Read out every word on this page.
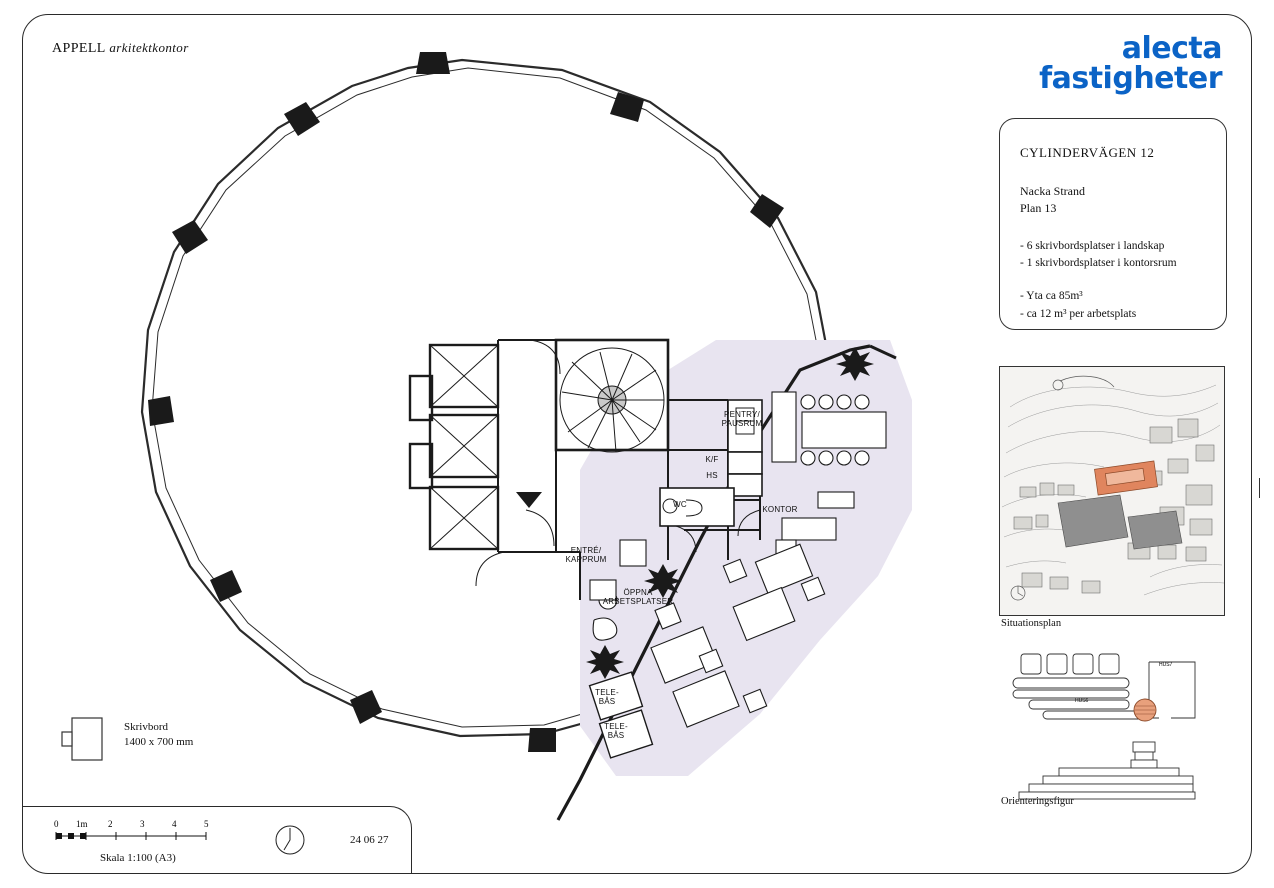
APPELL arkitektkontor	alecta
fastigheter
CYLINDERVÄGEN 12
Nacka Strand
Plan 13
- 6 skrivbordsplatser i landskap
- 1 skrivbordsplatser i kontorsrum
- Yta ca 85m³
- ca 12 m³ per arbetsplats
Situationsplan
HUS7
HUS6
Orienteringsfigur
Skrivbord
1400 x 700 mm
0 1m 2	3	4	5
Skala 1:100 (A3)
24 06 27
PENTRY/
PAUSRUM
K/F
HS
WC
KONTOR
ENTRÉ/
KAPPRUM
ÖPPNA
ARBETSPLATSER
TELE-
BÅS
TELE-
BÅS
